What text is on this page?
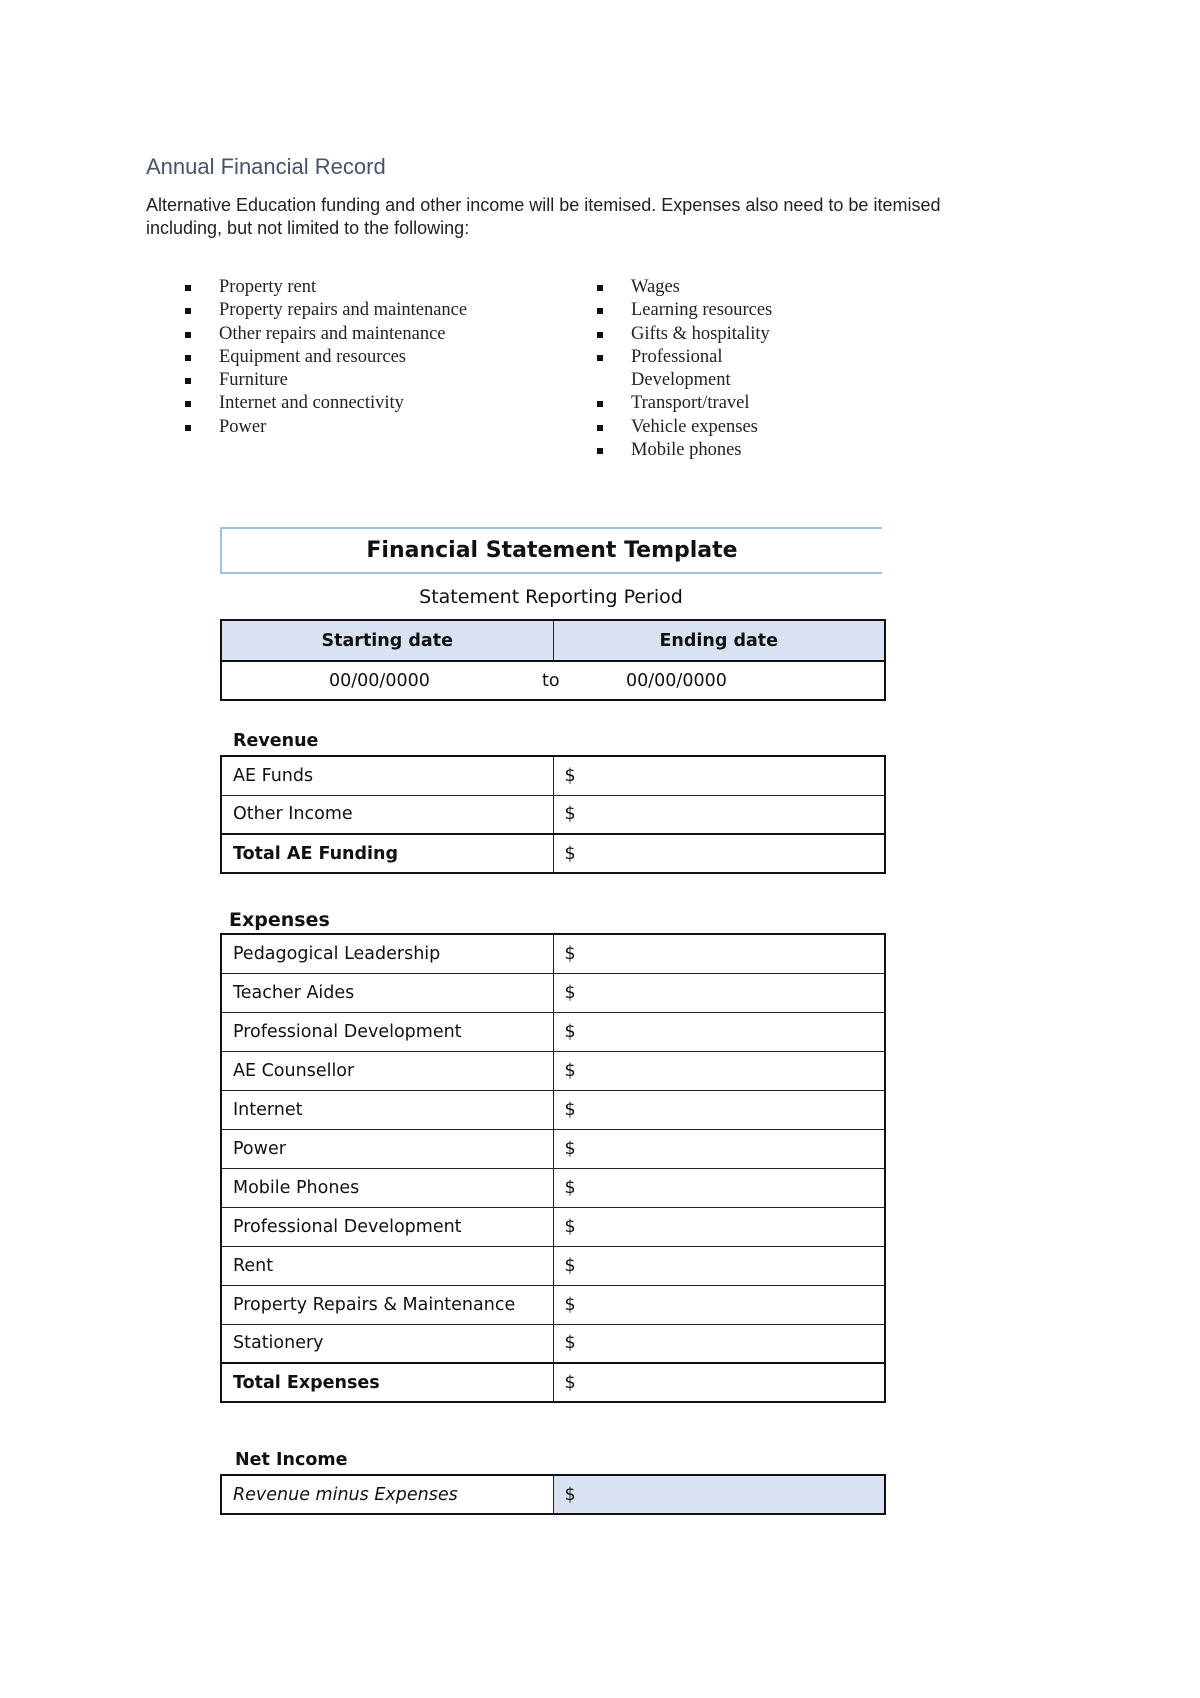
Annual Financial Record

Alternative Education funding and other income will be itemised. Expenses also need to be itemised
including, but not limited to the following:

Property rent
Property repairs and maintenance
Other repairs and maintenance
Equipment and resources
Furniture
Internet and connectivity
Power
Wages
Learning resources
Gifts & hospitality
Professional Development
Transport/travel
Vehicle expenses
Mobile phones
Financial Statement Template
Statement Reporting Period
Starting date	Ending date

00/00/0000	to	00/00/0000
Revenue
AE Funds	$
Other Income	$
Total AE Funding	$
Expenses
Pedagogical Leadership	$
Teacher Aides	$
Professional Development	$
AE Counsellor	$
Internet	$
Power	$
Mobile Phones	$
Professional Development	$
Rent	$
Property Repairs & Maintenance	$
Stationery	$
Total Expenses	$
Net Income
Revenue minus Expenses	$
